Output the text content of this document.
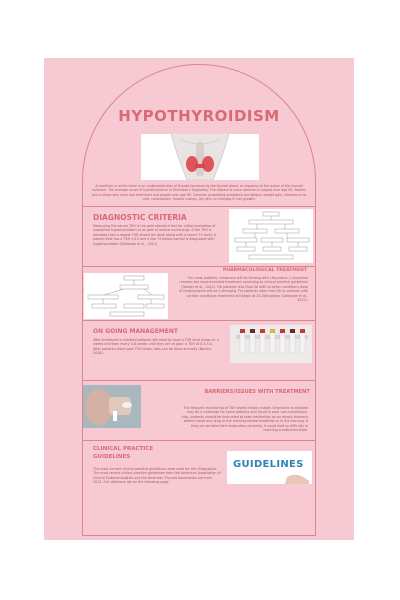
HYPOTHYROIDISM
A condition in which there is an underproduction of thyroid hormone by the thyroid gland, or response to the action of the thyroid hormone. The average onset of hypothyroidism in Parkinson's Hypnotidy. The disease is more common in people over age 60, women and in those who have had treatment and people over age 60. Common presenting symptoms are fatigue, weight gain, intolerance to cold, constipation, muscle cramps, dry skin, or changes in hair growth.
DIAGNOSTIC CRITERIA
Measuring the serum TSH is the gold standard test for initial evaluation of suspected hypothyroidism or as part of routine screenings. If the TSH is elevated then a repeat TSH should be done along with a serum T4 level. A patient that has a TSH >4.5 and a low T4 below normal is diagnosed with hypothyroidism (Gaitonde et al., 2012).
PHARMACOLOGICAL TREATMENT
For most patients, treatment will be lifelong with l-thyroxine. L-thyroxine remains the recommended treatment according to clinical practice guidelines (Garber et al., 2012). For patients less than 50 with no other conditions dose of levothyroxine will be 1.6mcg/kg. For patients older than 50 or patients with cardiac conditions treatment will begin at 25-50mcg/day (Gaitonde et al., 2012).
ON GOING MANAGEMENT
After treatment is initiated patients will need to have a TSH level drawn in 4 weeks and then every 4-8 weeks until they are at goal: a TSH of 0.3-3.0. After patients reach goal TSH levels, labs can be done annually (Norton, 2016).
BARRIERS/ISSUES WITH TREATMENT
The frequent monitoring of TSH levels initially makes l-thyroxine is initiated may be a challenge for some patients and result in poor non-compliance. Also, patients should be instructed to take medication on an empty stomach before meals any drug in the morning before breakfast or in the evening. If they do not take their medication correctly, it could lead to difficulty in reaching a euthyroid state.
CLINICAL PRACTICE GUIDELINES
The most current clinical practice guidelines were used for this infographic. The most recent clinical practice guidelines from the American Association of Clinical Endocrinologists and the American Thyroid Association are from 2012. Full reference list on the following page.
GUIDELINES
